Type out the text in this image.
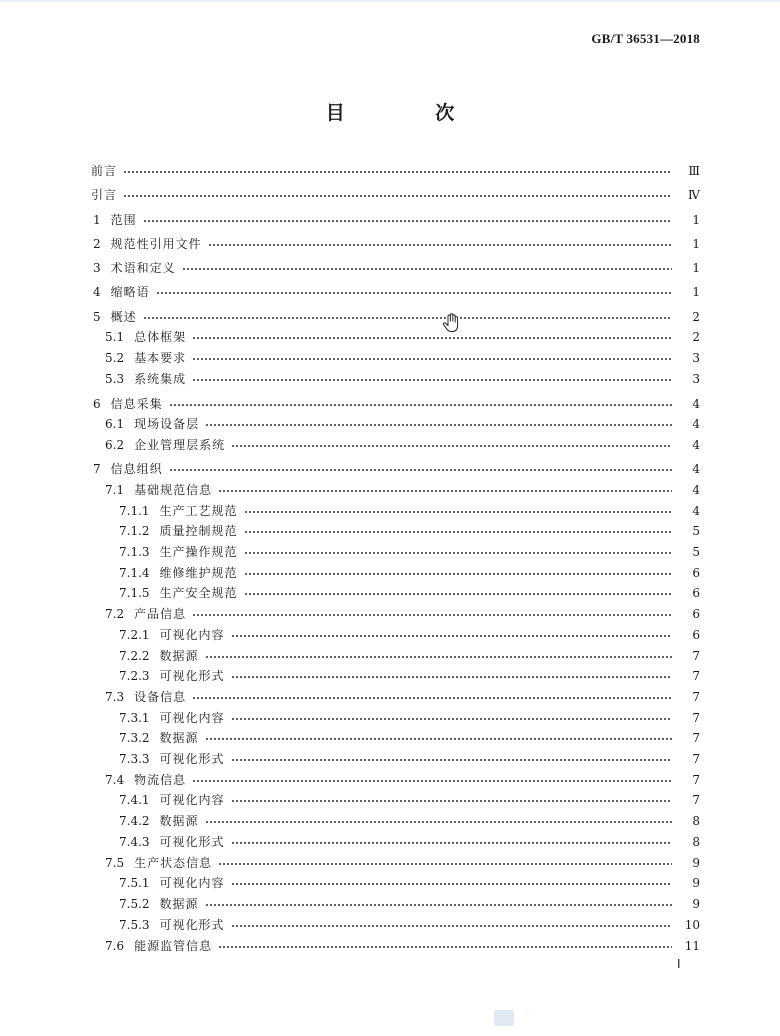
GB/T 36531—2018
目 次
前言	Ⅲ
引言	Ⅳ
1 范围	1
2 规范性引用文件	1
3 术语和定义	1
4 缩略语	1
5 概述	2
5.1 总体框架	2
5.2 基本要求	3
5.3 系统集成	3
6 信息采集	4
6.1 现场设备层	4
6.2 企业管理层系统	4
7 信息组织	4
7.1 基础规范信息	4
7.1.1 生产工艺规范	4
7.1.2 质量控制规范	5
7.1.3 生产操作规范	5
7.1.4 维修维护规范	6
7.1.5 生产安全规范	6
7.2 产品信息	6
7.2.1 可视化内容	6
7.2.2 数据源	7
7.2.3 可视化形式	7
7.3 设备信息	7
7.3.1 可视化内容	7
7.3.2 数据源	7
7.3.3 可视化形式	7
7.4 物流信息	7
7.4.1 可视化内容	7
7.4.2 数据源	8
7.4.3 可视化形式	8
7.5 生产状态信息	9
7.5.1 可视化内容	9
7.5.2 数据源	9
7.5.3 可视化形式	10
7.6 能源监管信息	11
Ⅰ
